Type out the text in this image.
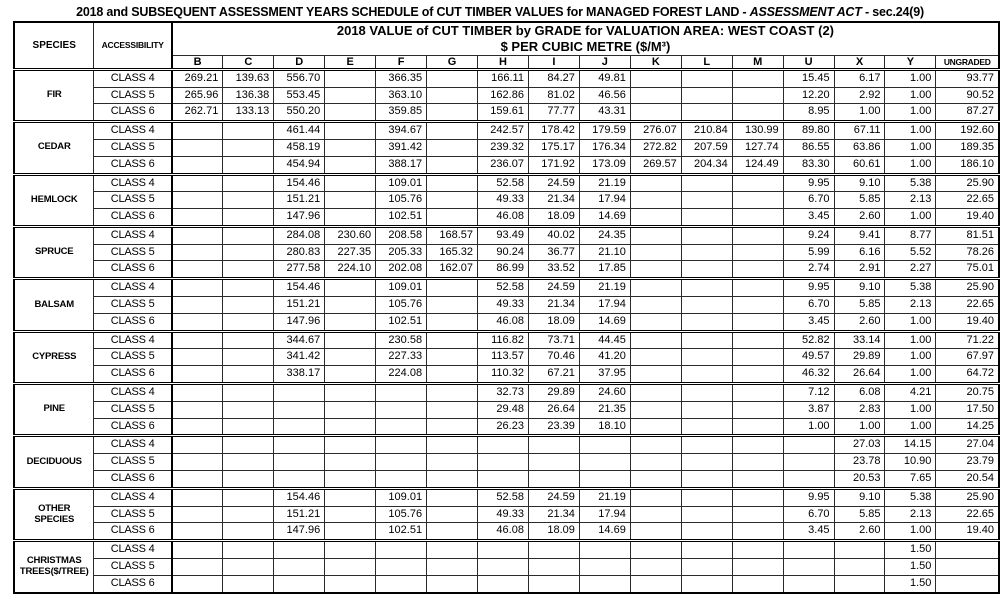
2018 and SUBSEQUENT ASSESSMENT YEARS SCHEDULE of CUT TIMBER VALUES for MANAGED FOREST LAND - ASSESSMENT ACT - sec.24(9)
SPECIES	ACCESSIBILITY	2018 VALUE of CUT TIMBER by GRADE for VALUATION AREA: WEST COAST (2)
$ PER CUBIC METRE ($/M³)															

		B	C	D	E	F	G	H	I	J	K	L	M	U	X	Y	UNGRADED

FIR	CLASS 4	269.21	139.63	556.70		366.35		166.11	84.27	49.81				15.45	6.17	1.00	93.77
	CLASS 5	265.96	136.38	553.45		363.10		162.86	81.02	46.56				12.20	2.92	1.00	90.52
	CLASS 6	262.71	133.13	550.20		359.85		159.61	77.77	43.31				8.95	1.00	1.00	87.27

CEDAR	CLASS 4			461.44		394.67		242.57	178.42	179.59	276.07	210.84	130.99	89.80	67.11	1.00	192.60
	CLASS 5			458.19		391.42		239.32	175.17	176.34	272.82	207.59	127.74	86.55	63.86	1.00	189.35
	CLASS 6			454.94		388.17		236.07	171.92	173.09	269.57	204.34	124.49	83.30	60.61	1.00	186.10

HEMLOCK	CLASS 4			154.46		109.01		52.58	24.59	21.19				9.95	9.10	5.38	25.90
	CLASS 5			151.21		105.76		49.33	21.34	17.94				6.70	5.85	2.13	22.65
	CLASS 6			147.96		102.51		46.08	18.09	14.69				3.45	2.60	1.00	19.40

SPRUCE	CLASS 4			284.08	230.60	208.58	168.57	93.49	40.02	24.35				9.24	9.41	8.77	81.51
	CLASS 5			280.83	227.35	205.33	165.32	90.24	36.77	21.10				5.99	6.16	5.52	78.26
	CLASS 6			277.58	224.10	202.08	162.07	86.99	33.52	17.85				2.74	2.91	2.27	75.01

BALSAM	CLASS 4			154.46		109.01		52.58	24.59	21.19				9.95	9.10	5.38	25.90
	CLASS 5			151.21		105.76		49.33	21.34	17.94				6.70	5.85	2.13	22.65
	CLASS 6			147.96		102.51		46.08	18.09	14.69				3.45	2.60	1.00	19.40

CYPRESS	CLASS 4			344.67		230.58		116.82	73.71	44.45				52.82	33.14	1.00	71.22
	CLASS 5			341.42		227.33		113.57	70.46	41.20				49.57	29.89	1.00	67.97
	CLASS 6			338.17		224.08		110.32	67.21	37.95				46.32	26.64	1.00	64.72

PINE	CLASS 4							32.73	29.89	24.60				7.12	6.08	4.21	20.75
	CLASS 5							29.48	26.64	21.35				3.87	2.83	1.00	17.50
	CLASS 6							26.23	23.39	18.10				1.00	1.00	1.00	14.25

DECIDUOUS	CLASS 4														27.03	14.15	27.04
	CLASS 5														23.78	10.90	23.79
	CLASS 6														20.53	7.65	20.54

OTHER
SPECIES	CLASS 4			154.46		109.01		52.58	24.59	21.19				9.95	9.10	5.38	25.90
	CLASS 5			151.21		105.76		49.33	21.34	17.94				6.70	5.85	2.13	22.65
	CLASS 6			147.96		102.51		46.08	18.09	14.69				3.45	2.60	1.00	19.40

CHRISTMAS
TREES($/TREE)	CLASS 4															1.50	
	CLASS 5															1.50	
	CLASS 6															1.50	
